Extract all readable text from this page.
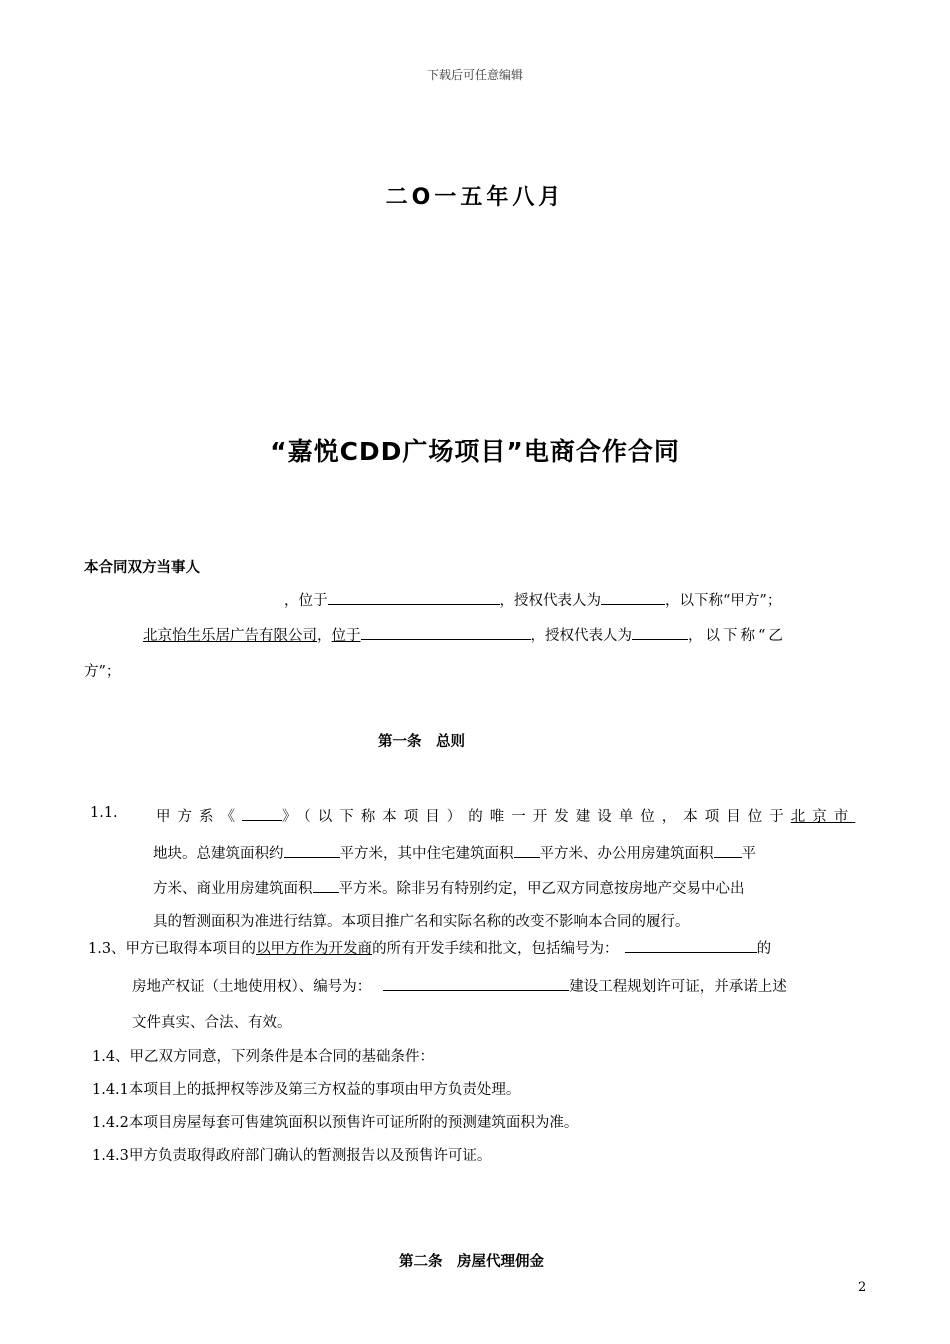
下载后可任意编辑
二O一五年八月
“嘉悦CDD广场项目”电商合作合同
本合同双方当事人
，位于	，授权代表人为	，以下称“甲方”；
北京怡生乐居广告有限公司，位于	，授权代表人为	，以下称“乙
方”；
第一条　总则
1.1.	甲方系《	》（以下称本项目）的唯一开发建设单位，本项目位于北京市
地块。总建筑面积约	平方米，其中住宅建筑面积 平方米、办公用房建筑面积 平
方米、商业用房建筑面积 平方米。除非另有特别约定，甲乙双方同意按房地产交易中心出
具的暂测面积为准进行结算。本项目推广名和实际名称的改变不影响本合同的履行。
1.3、甲方已取得本项目的以甲方作为开发商的所有开发手续和批文，包括编号为：	的
房地产权证（土地使用权）、编号为：	建设工程规划许可证，并承诺上述
文件真实、合法、有效。
1.4、甲乙双方同意，下列条件是本合同的基础条件：
1.4.1本项目上的抵押权等涉及第三方权益的事项由甲方负责处理。
1.4.2本项目房屋每套可售建筑面积以预售许可证所附的预测建筑面积为准。
1.4.3甲方负责取得政府部门确认的暂测报告以及预售许可证。
第二条　房屋代理佣金
2
